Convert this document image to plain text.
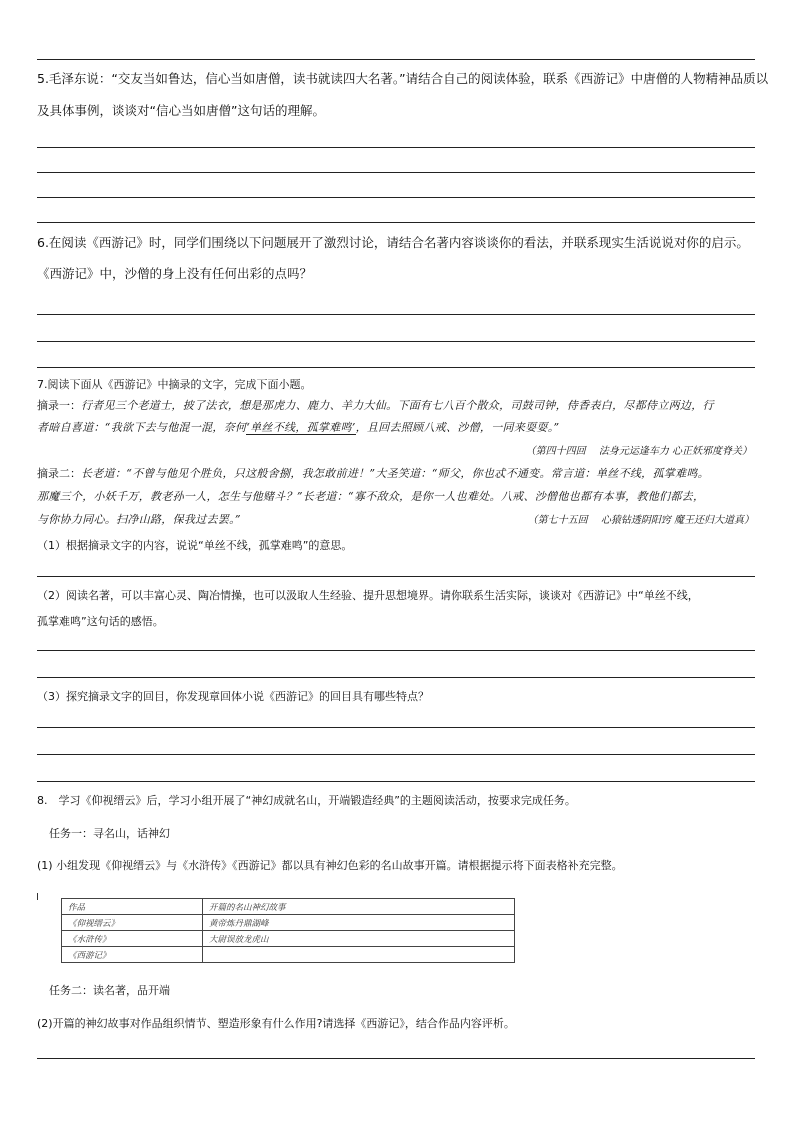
5.毛泽东说：“交友当如鲁达，信心当如唐僧，读书就读四大名著。”请结合自己的阅读体验，联系《西游记》中唐僧的人物精神品质以
及具体事例，谈谈对“信心当如唐僧”这句话的理解。
6.在阅读《西游记》时，同学们围绕以下问题展开了激烈讨论，请结合名著内容谈谈你的看法，并联系现实生活说说对你的启示。
《西游记》中，沙僧的身上没有任何出彩的点吗？
7.阅读下面从《西游记》中摘录的文字，完成下面小题。
摘录一：行者见三个老道士，披了法衣，想是那虎力、鹿力、羊力大仙。下面有七八百个散众，司鼓司钟，侍香表白，尽都侍立两边，行
者暗自喜道：“我欲下去与他混一混，奈何‘单丝不线，孤掌难鸣’，且回去照顾八戒、沙僧，一同来耍耍。”
（第四十四回　 法身元运逢车力 心正妖邪度脊关）
摘录二：长老道：“不曾与他见个胜负，只这般舍捌，我怎敢前进！”大圣笑道：“师父，你也忒不通变。常言道：单丝不线，孤掌难鸣。
那魔三个，小妖千万，教老孙一人，怎生与他赌斗？”长老道：“寡不敌众，是你一人也难处。八戒、沙僧他也都有本事，教他们都去，
与你协力同心。扫净山路，保我过去罢。”	（第七十五回　 心猿钻透阴阳窍 魔王还归大道真）
（1）根据摘录文字的内容，说说“单丝不线，孤掌难鸣”的意思。
（2）阅读名著，可以丰富心灵、陶冶情操，也可以汲取人生经验、提升思想境界。请你联系生活实际，谈谈对《西游记》中“单丝不线，
孤掌难鸣”这句话的感悟。
（3）探究摘录文字的回目，你发现章回体小说《西游记》的回目具有哪些特点？
8.　学习《仰视缙云》后，学习小组开展了“神幻成就名山，开端锻造经典”的主题阅读活动，按要求完成任务。
任务一：寻名山，话神幻
(1) 小组发现《仰视缙云》与《水浒传》《西游记》都以具有神幻色彩的名山故事开篇。请根据提示将下面表格补充完整。
作品	开篇的名山神幻故事
《仰视缙云》	黄帝炼丹鼎湖峰
《水浒传》	大尉误放龙虎山
《西游记》	
任务二：读名著，品开端
(2)开篇的神幻故事对作品组织情节、塑造形象有什么作用?请选择《西游记》，结合作品内容评析。
